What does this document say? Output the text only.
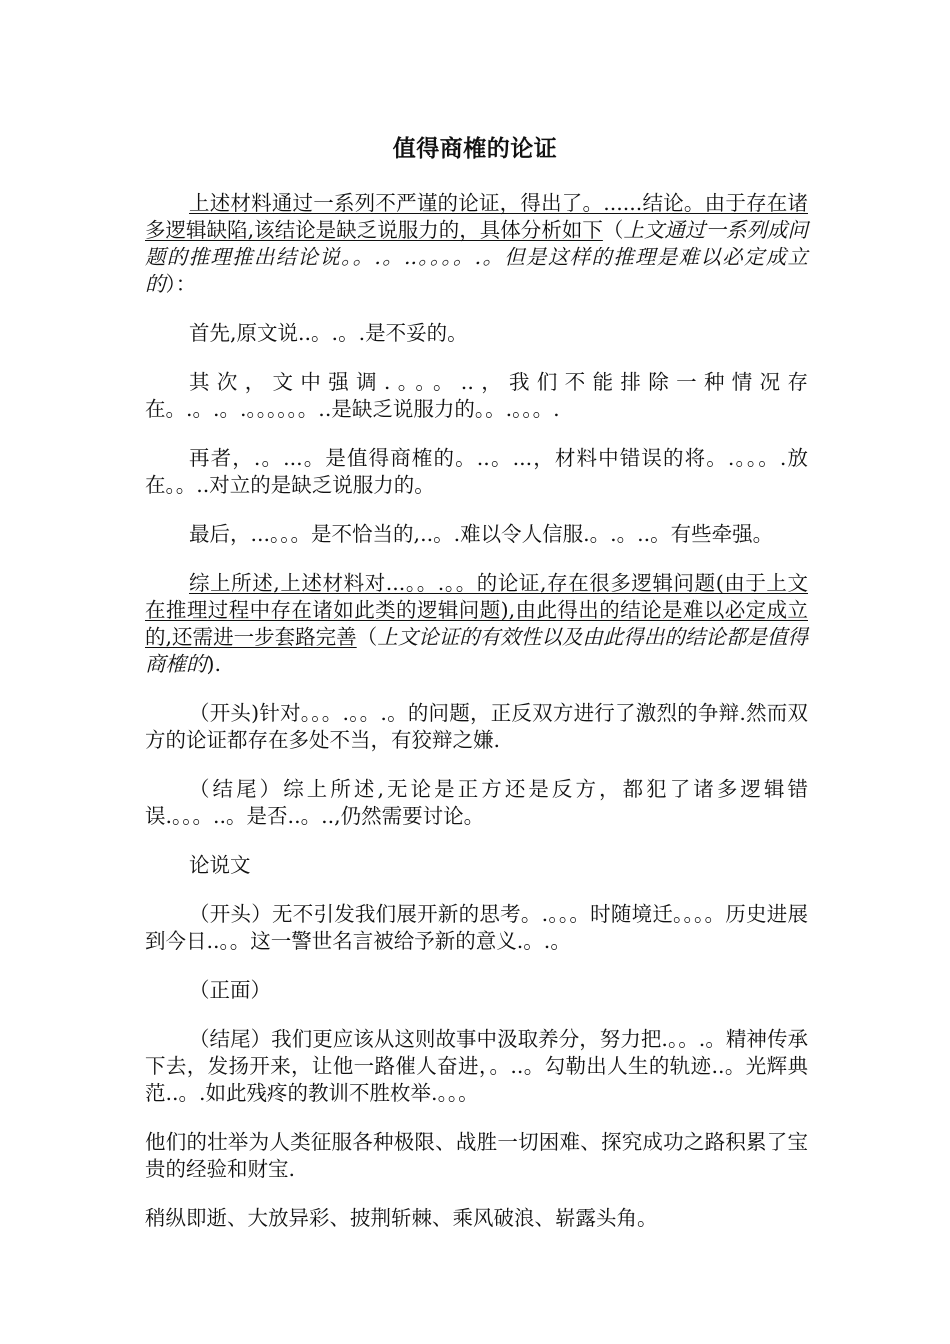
值得商榷的论证

上述材料通过一系列不严谨的论证，得出了。......结论。由于存在诸多逻辑缺陷,该结论是缺乏说服力的，具体分析如下（上文通过一系列成问题的推理推出结论说。。.。..。。。。.。但是这样的推理是难以必定成立的）：

首先,原文说..。.。.是不妥的。

其次，文中强调.。。。..，我们不能排除一种情况存在。.。.。.。。。。。。..是缺乏说服力的。。.。。。.

再者，.。...。是值得商榷的。..。...，材料中错误的将。.。。。.放在。。..对立的是缺乏说服力的。

最后，...。。。是不恰当的,..。.难以令人信服.。.。..。有些牵强。

综上所述,上述材料对...。。.。。的论证,存在很多逻辑问题(由于上文在推理过程中存在诸如此类的逻辑问题),由此得出的结论是难以必定成立的,还需进一步套路完善（上文论证的有效性以及由此得出的结论都是值得商榷的).

（开头)针对。。。.。。.。的问题，正反双方进行了激烈的争辩.然而双方的论证都存在多处不当，有狡辩之嫌.

（结尾）综上所述,无论是正方还是反方，都犯了诸多逻辑错误.。。。..。是否..。..,仍然需要讨论。

论说文

（开头）无不引发我们展开新的思考。.。。。时随境迁。。。。历史进展到今日..。。这一警世名言被给予新的意义.。.。

（正面）

（结尾）我们更应该从这则故事中汲取养分，努力把.。。.。精神传承下去，发扬开来，让他一路催人奋进，。..。勾勒出人生的轨迹..。光辉典范..。.如此残疼的教训不胜枚举.。。。

他们的壮举为人类征服各种极限、战胜一切困难、探究成功之路积累了宝贵的经验和财宝.

稍纵即逝、大放异彩、披荆斩棘、乘风破浪、崭露头角。
